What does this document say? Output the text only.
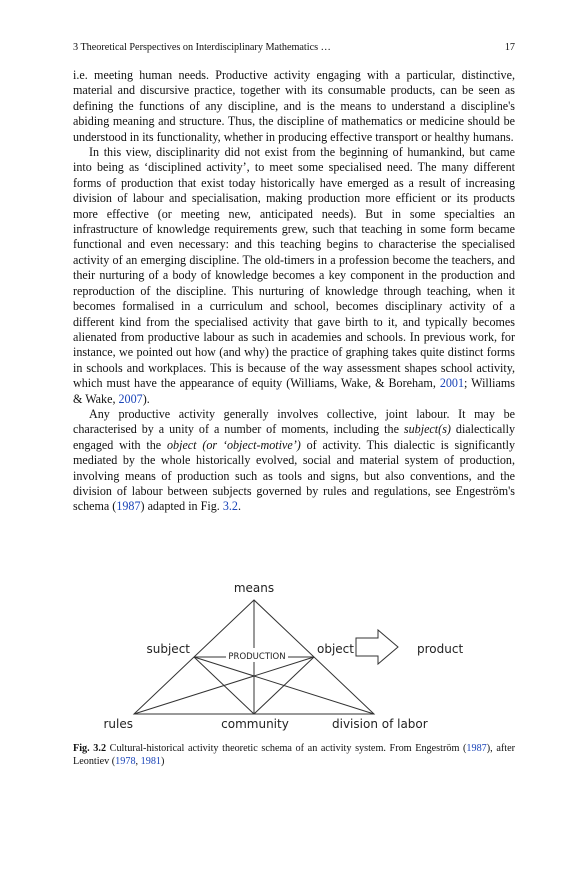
3 Theoretical Perspectives on Interdisciplinary Mathematics …	17

i.e. meeting human needs. Productive activity engaging with a particular, distinctive, material and discursive practice, together with its consumable products, can be seen as defining the functions of any discipline, and is the means to understand a discipline's abiding meaning and structure. Thus, the discipline of mathematics or medicine should be understood in its functionality, whether in producing effective transport or healthy humans.

In this view, disciplinarity did not exist from the beginning of humankind, but came into being as ‘disciplined activity’, to meet some specialised need. The many different forms of production that exist today historically have emerged as a result of increasing division of labour and specialisation, making production more efficient or its products more effective (or meeting new, anticipated needs). But in some specialties an infrastructure of knowledge requirements grew, such that teaching in some form became functional and even necessary: and this teaching begins to characterise the specialised activity of an emerging discipline. The old-timers in a profession become the teachers, and their nurturing of a body of knowledge becomes a key component in the production and reproduction of the discipline. This nurturing of knowledge through teaching, when it becomes formalised in a curriculum and school, becomes disciplinary activity of a different kind from the specialised activity that gave birth to it, and typically becomes alienated from productive labour as such in academies and schools. In previous work, for instance, we pointed out how (and why) the practice of graphing takes quite distinct forms in schools and workplaces. This is because of the way assessment shapes school activity, which must have the appearance of equity (Williams, Wake, & Boreham, 2001; Williams & Wake, 2007).

Any productive activity generally involves collective, joint labour. It may be characterised by a unity of a number of moments, including the subject(s) dialectically engaged with the object (or ‘object-motive’) of activity. This dialectic is significantly mediated by the whole historically evolved, social and material system of production, involving means of production such as tools and signs, but also conventions, and the division of labour between subjects governed by rules and regulations, see Engeström's schema (1987) adapted in Fig. 3.2.

means
subject
PRODUCTION
object	product
rules	community	division of labor
Fig. 3.2 Cultural-historical activity theoretic schema of an activity system. From Engeström (1987), after Leontiev (1978, 1981)
